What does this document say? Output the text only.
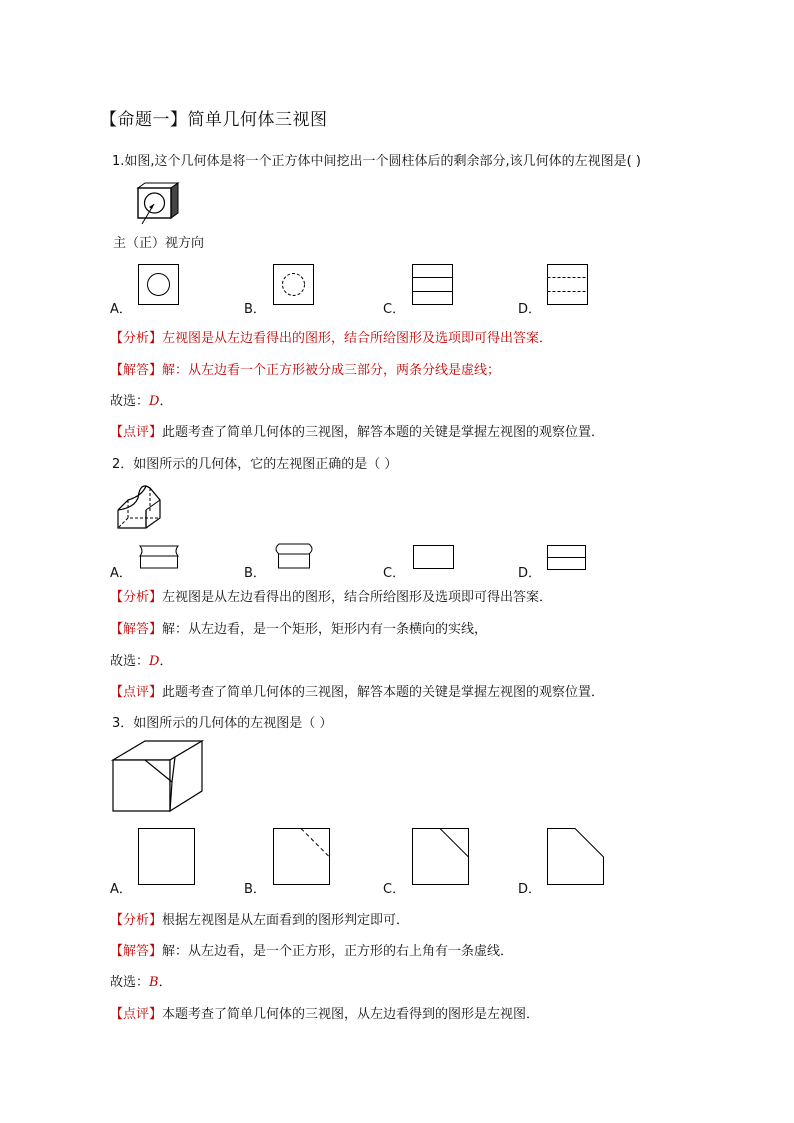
【命题一】简单几何体三视图
1.如图,这个几何体是将一个正方体中间挖出一个圆柱体后的剩余部分,该几何体的左视图是( )
主（正）视方向
A．	B．	C．	D．
【分析】左视图是从左边看得出的图形，结合所给图形及选项即可得出答案．
【解答】解：从左边看一个正方形被分成三部分，两条分线是虚线；
故选：D．
【点评】此题考查了简单几何体的三视图，解答本题的关键是掌握左视图的观察位置．
2．如图所示的几何体，它的左视图正确的是（ ）
A．	B．	C．	D．
【分析】左视图是从左边看得出的图形，结合所给图形及选项即可得出答案．
【解答】解：从左边看，是一个矩形，矩形内有一条横向的实线，
故选：D．
【点评】此题考查了简单几何体的三视图，解答本题的关键是掌握左视图的观察位置．
3．如图所示的几何体的左视图是（ ）
A．	B．	C．	D．
【分析】根据左视图是从左面看到的图形判定即可．
【解答】解：从左边看，是一个正方形，正方形的右上角有一条虚线．
故选：B．
【点评】本题考查了简单几何体的三视图，从左边看得到的图形是左视图．
